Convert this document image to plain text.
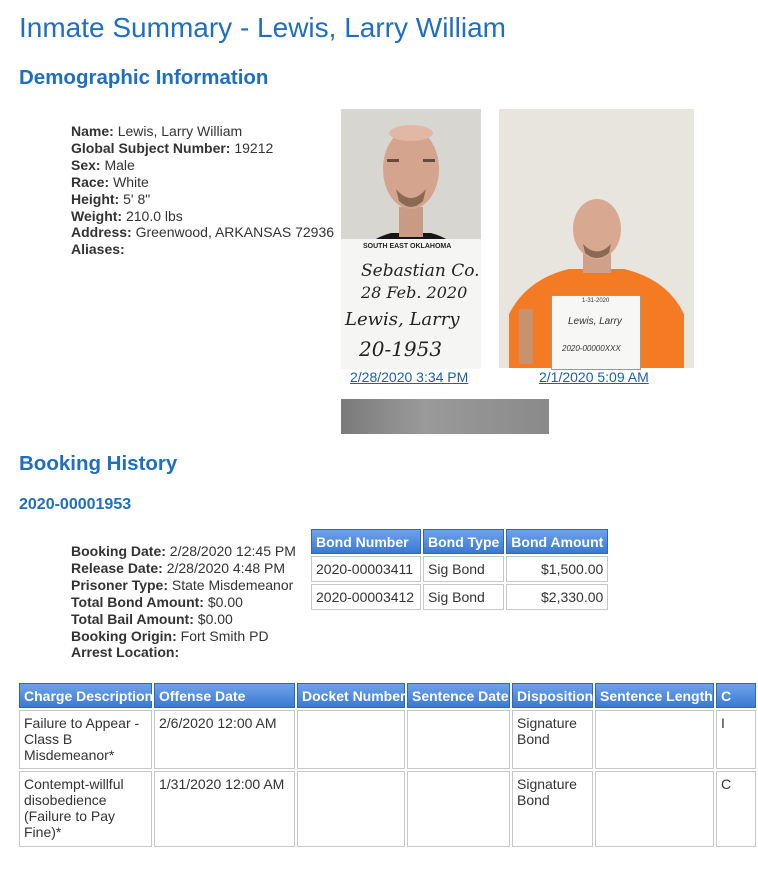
Inmate Summary - Lewis, Larry William
Demographic Information
Name: Lewis, Larry William
Global Subject Number: 19212
Sex: Male
Race: White
Height: 5' 8"
Weight: 210.0 lbs
Address: Greenwood, ARKANSAS 72936
Aliases:	SOUTH EAST OKLAHOMA
Sebastian Co.
28 Feb. 2020
Lewis, Larry
20-1953
2/28/2020 3:34 PM
1-31-2020
Lewis, Larry
2020-00000XXX
2/1/2020 5:09 AM
Booking History
2020-00001953
Booking Date: 2/28/2020 12:45 PM
Release Date: 2/28/2020 4:48 PM
Prisoner Type: State Misdemeanor
Total Bond Amount: $0.00
Total Bail Amount: $0.00
Booking Origin: Fort Smith PD
Arrest Location:
Bond Number	Bond Type	Bond Amount
2020-00003411	Sig Bond	$1,500.00
2020-00003412	Sig Bond	$2,330.00
Charge Description	Offense Date	Docket Number	Sentence Date	Disposition	Sentence Length	C
Failure to Appear - Class B Misdemeanor*	2/6/2020 12:00 AM			Signature Bond		I
Contempt-willful disobedience (Failure to Pay Fine)*	1/31/2020 12:00 AM			Signature Bond		C
